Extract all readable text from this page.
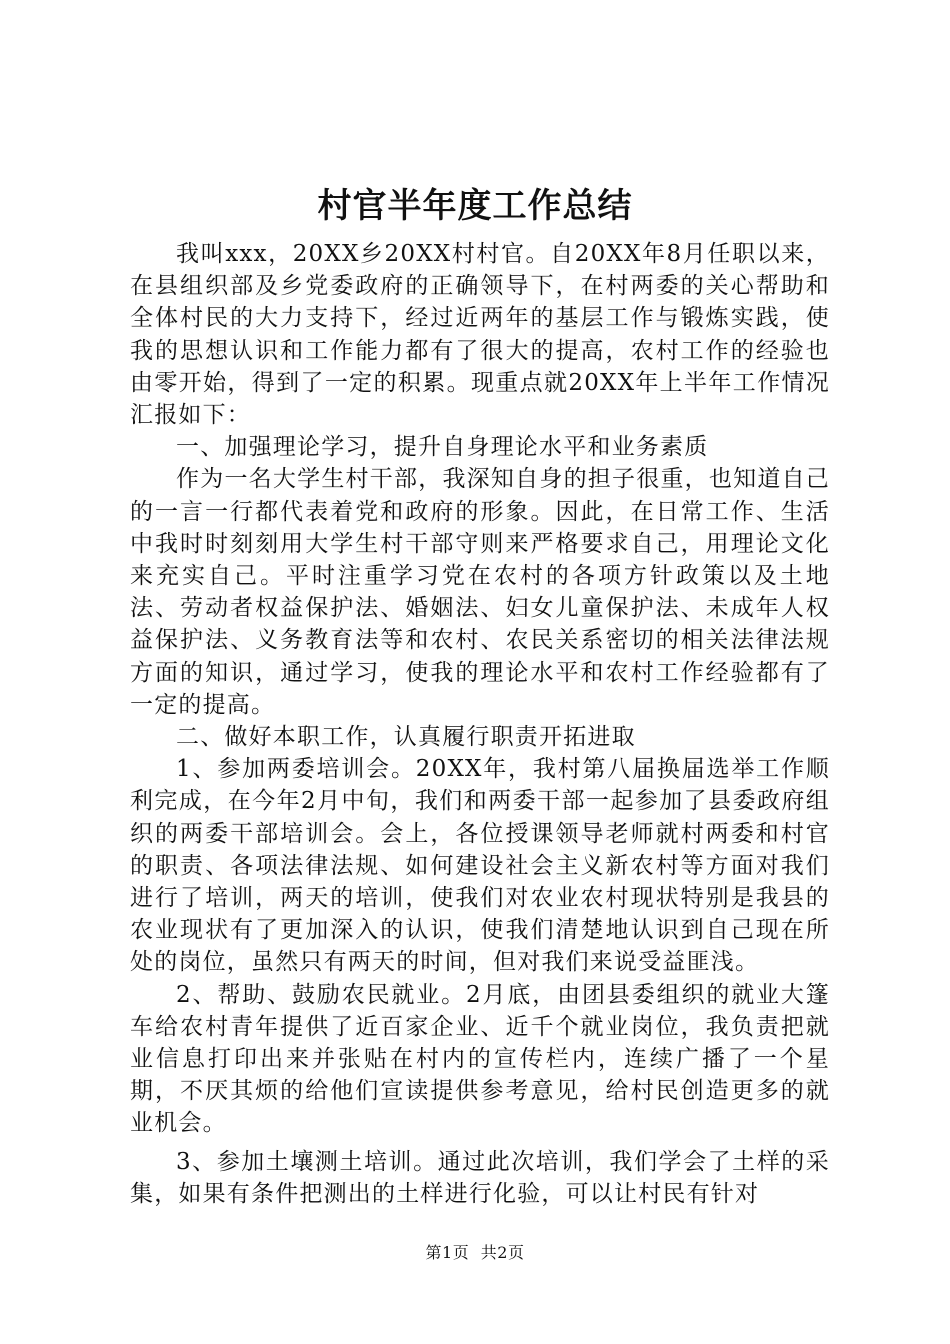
村官半年度工作总结

我叫xxx，20XX乡20XX村村官。自20XX年8月任职以来，在县组织部及乡党委政府的正确领导下，在村两委的关心帮助和全体村民的大力支持下，经过近两年的基层工作与锻炼实践，使我的思想认识和工作能力都有了很大的提高，农村工作的经验也由零开始，得到了一定的积累。现重点就20XX年上半年工作情况汇报如下：

一、加强理论学习，提升自身理论水平和业务素质

作为一名大学生村干部，我深知自身的担子很重，也知道自己的一言一行都代表着党和政府的形象。因此，在日常工作、生活中我时时刻刻用大学生村干部守则来严格要求自己，用理论文化来充实自己。平时注重学习党在农村的各项方针政策以及土地法、劳动者权益保护法、婚姻法、妇女儿童保护法、未成年人权益保护法、义务教育法等和农村、农民关系密切的相关法律法规方面的知识，通过学习，使我的理论水平和农村工作经验都有了一定的提高。

二、做好本职工作，认真履行职责开拓进取

1、参加两委培训会。20XX年，我村第八届换届选举工作顺利完成，在今年2月中旬，我们和两委干部一起参加了县委政府组织的两委干部培训会。会上，各位授课领导老师就村两委和村官的职责、各项法律法规、如何建设社会主义新农村等方面对我们进行了培训，两天的培训，使我们对农业农村现状特别是我县的农业现状有了更加深入的认识，使我们清楚地认识到自己现在所处的岗位，虽然只有两天的时间，但对我们来说受益匪浅。

2、帮助、鼓励农民就业。2月底，由团县委组织的就业大篷车给农村青年提供了近百家企业、近千个就业岗位，我负责把就业信息打印出来并张贴在村内的宣传栏内，连续广播了一个星期，不厌其烦的给他们宣读提供参考意见，给村民创造更多的就业机会。

3、参加土壤测土培训。通过此次培训，我们学会了土样的采集，如果有条件把测出的土样进行化验，可以让村民有针对

第1页 共2页
